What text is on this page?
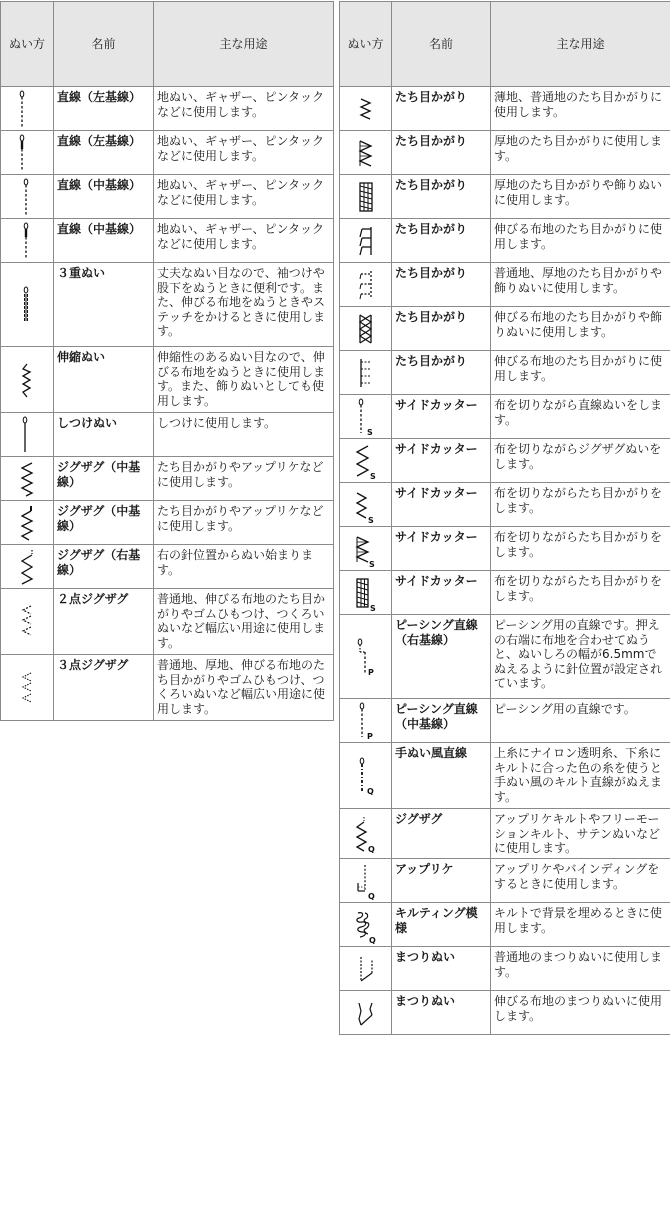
ぬい方	名前	主な用途

	直線（左基線）	地ぬい、ギャザー、ピンタックなどに使用します。

	直線（左基線）	地ぬい、ギャザー、ピンタックなどに使用します。

	直線（中基線）	地ぬい、ギャザー、ピンタックなどに使用します。

	直線（中基線）	地ぬい、ギャザー、ピンタックなどに使用します。

	３重ぬい	丈夫なぬい目なので、袖つけや股下をぬうときに便利です。また、伸びる布地をぬうときやステッチをかけるときに使用します。

	伸縮ぬい	伸縮性のあるぬい目なので、伸びる布地をぬうときに使用します。また、飾りぬいとしても使用します。

	しつけぬい	しつけに使用します。

	ジグザグ（中基線）	たち目かがりやアップリケなどに使用します。

	ジグザグ（中基線）	たち目かがりやアップリケなどに使用します。

	ジグザグ（右基線）	右の針位置からぬい始まります。

	２点ジグザグ	普通地、伸びる布地のたち目かがりやゴムひもつけ、つくろいぬいなど幅広い用途に使用します。

	３点ジグザグ	普通地、厚地、伸びる布地のたち目かがりやゴムひもつけ、つくろいぬいなど幅広い用途に使用します。
ぬい方	名前	主な用途

	たち目かがり	薄地、普通地のたち目かがりに使用します。

	たち目かがり	厚地のたち目かがりに使用します。

	たち目かがり	厚地のたち目かがりや飾りぬいに使用します。

	たち目かがり	伸びる布地のたち目かがりに使用します。

	たち目かがり	普通地、厚地のたち目かがりや飾りぬいに使用します。

	たち目かがり	伸びる布地のたち目かがりや飾りぬいに使用します。

	たち目かがり	伸びる布地のたち目かがりに使用します。

S	サイドカッター	布を切りながら直線ぬいをします。

S	サイドカッター	布を切りながらジグザグぬいをします。

S	サイドカッター	布を切りながらたち目かがりをします。

S	サイドカッター	布を切りながらたち目かがりをします。

S	サイドカッター	布を切りながらたち目かがりをします。

P	ピーシング直線（右基線）	ピーシング用の直線です。押えの右端に布地を合わせてぬうと、ぬいしろの幅が6.5mmでぬえるように針位置が設定されています。

P	ピーシング直線（中基線）	ピーシング用の直線です。

Q	手ぬい風直線	上糸にナイロン透明糸、下糸にキルトに合った色の糸を使うと手ぬい風のキルト直線がぬえます。

Q	ジグザグ	アップリケキルトやフリーモーションキルト、サテンぬいなどに使用します。

Q	アップリケ	アップリケやバインディングをするときに使用します。

Q	キルティング模様	キルトで背景を埋めるときに使用します。

	まつりぬい	普通地のまつりぬいに使用します。

	まつりぬい	伸びる布地のまつりぬいに使用します。
